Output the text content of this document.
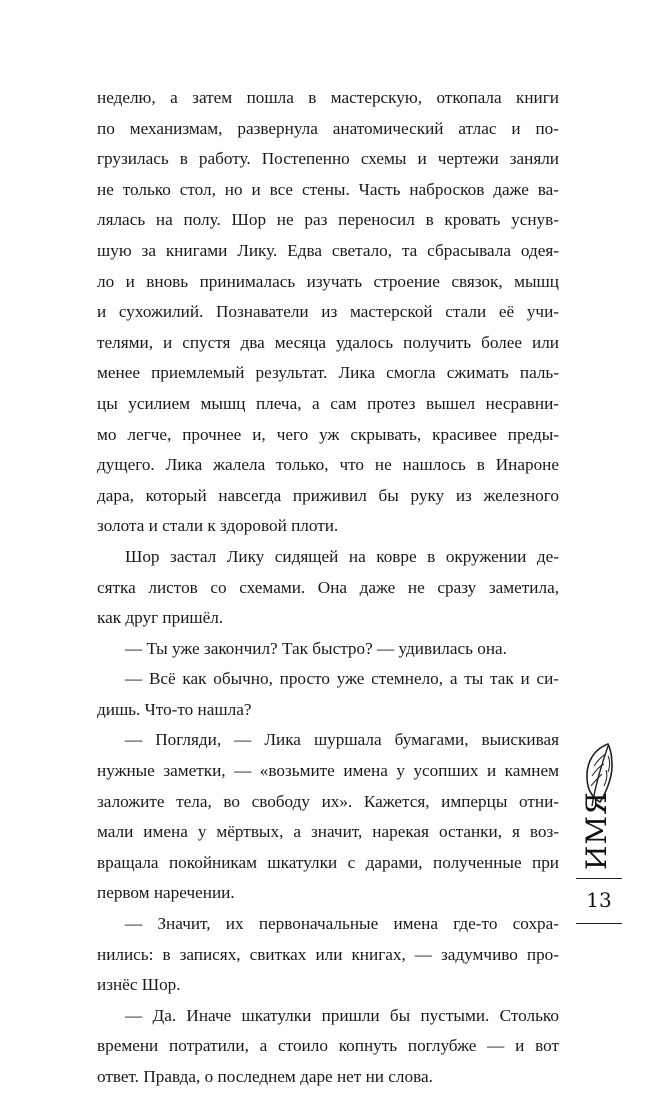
неделю, а затем пошла в мастерскую, откопала книги
по механизмам, развернула анатомический атлас и по-
грузилась в работу. Постепенно схемы и чертежи заняли
не только стол, но и все стены. Часть набросков даже ва-
лялась на полу. Шор не раз переносил в кровать уснув-
шую за книгами Лику. Едва светало, та сбрасывала одея-
ло и вновь принималась изучать строение связок, мышц
и сухожилий. Познаватели из мастерской стали её учи-
телями, и спустя два месяца удалось получить более или
менее приемлемый результат. Лика смогла сжимать паль-
цы усилием мышц плеча, а сам протез вышел несравни-
мо легче, прочнее и, чего уж скрывать, красивее преды-
дущего. Лика жалела только, что не нашлось в Инароне
дара, который навсегда приживил бы руку из железного
золота и стали к здоровой плоти.
Шор застал Лику сидящей на ковре в окружении де-
сятка листов со схемами. Она даже не сразу заметила,
как друг пришёл.
— Ты уже закончил? Так быстро? — удивилась она.
— Всё как обычно, просто уже стемнело, а ты так и си-
дишь. Что-то нашла?
— Погляди, — Лика шуршала бумагами, выискивая
нужные заметки, — «возьмите имена у усопших и камнем
заложите тела, во свободу их». Кажется, имперцы отни-
мали имена у мёртвых, а значит, нарекая останки, я воз-
вращала покойникам шкатулки с дарами, полученные при
первом наречении.
— Значит, их первоначальные имена где-то сохра-
нились: в записях, свитках или книгах, — задумчиво про-
изнёс Шор.
— Да. Иначе шкатулки пришли бы пустыми. Столько
времени потратили, а стоило копнуть поглубже — и вот
ответ. Правда, о последнем даре нет ни слова.
ИМЯ
13
